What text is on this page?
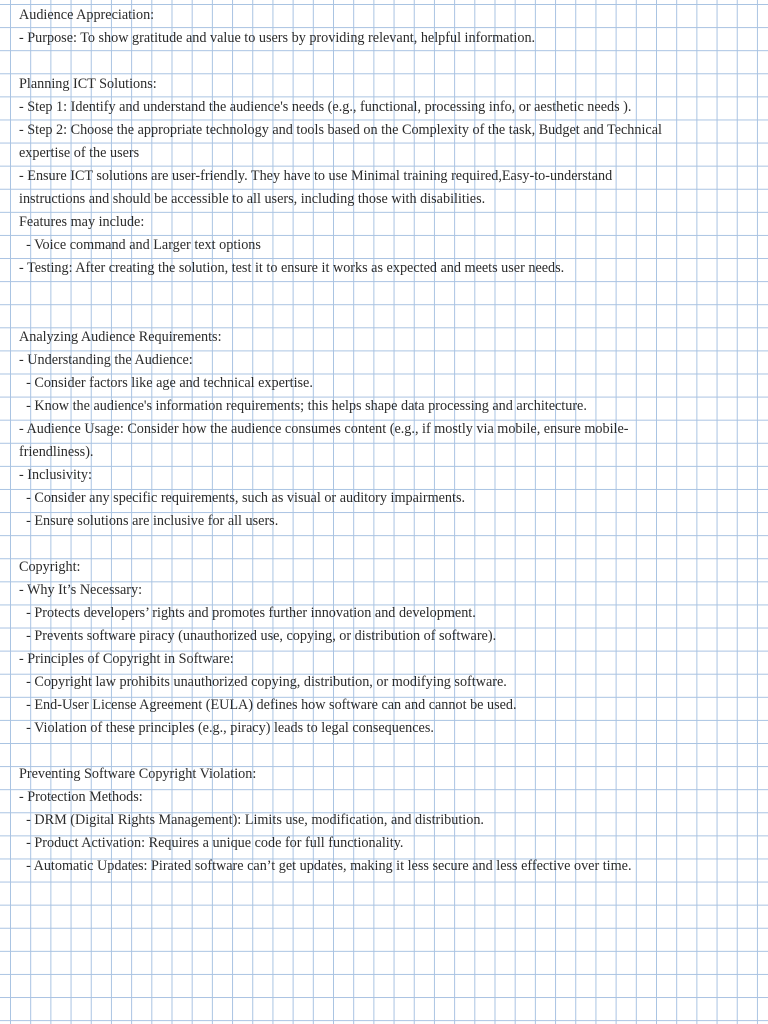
Audience Appreciation:
- Purpose: To show gratitude and value to users by providing relevant, helpful information.
Planning ICT Solutions:
- Step 1: Identify and understand the audience's needs (e.g., functional, processing info, or aesthetic needs ).
- Step 2: Choose the appropriate technology and tools based on the Complexity of the task, Budget and Technical
expertise of the users
- Ensure ICT solutions are user-friendly. They have to use Minimal training required,Easy-to-understand
instructions and should be accessible to all users, including those with disabilities.
Features may include:
- Voice command and Larger text options
- Testing: After creating the solution, test it to ensure it works as expected and meets user needs.
Analyzing Audience Requirements:
- Understanding the Audience:
- Consider factors like age and technical expertise.
- Know the audience's information requirements; this helps shape data processing and architecture.
- Audience Usage: Consider how the audience consumes content (e.g., if mostly via mobile, ensure mobile-
friendliness).
- Inclusivity:
- Consider any specific requirements, such as visual or auditory impairments.
- Ensure solutions are inclusive for all users.
Copyright:
- Why It’s Necessary:
- Protects developers’ rights and promotes further innovation and development.
- Prevents software piracy (unauthorized use, copying, or distribution of software).
- Principles of Copyright in Software:
- Copyright law prohibits unauthorized copying, distribution, or modifying software.
- End-User License Agreement (EULA) defines how software can and cannot be used.
- Violation of these principles (e.g., piracy) leads to legal consequences.
Preventing Software Copyright Violation:
- Protection Methods:
- DRM (Digital Rights Management): Limits use, modification, and distribution.
- Product Activation: Requires a unique code for full functionality.
- Automatic Updates: Pirated software can’t get updates, making it less secure and less effective over time.
